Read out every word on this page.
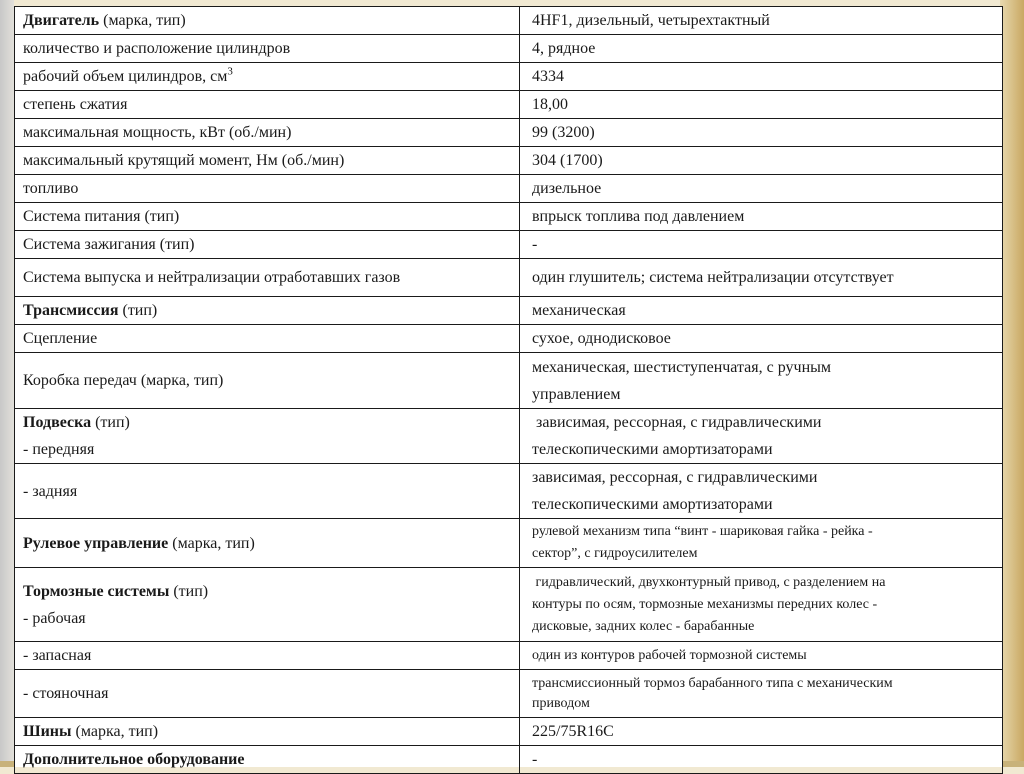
Двигатель (марка, тип)	4HF1, дизельный, четырехтактный
количество и расположение цилиндров	4, рядное
рабочий объем цилиндров, $см^3$	4334
степень сжатия	18,00
максимальная мощность, кВт (об./мин)	99 (3200)
максимальный крутящий момент, Нм (об./мин)	304 (1700)
топливо	дизельное
Система питания (тип)	впрыск топлива под давлением
Система зажигания (тип)	-
Система выпуска и нейтрализации отработавших газов	один глушитель; система нейтрализации отсутствует
Трансмиссия (тип)	механическая
Сцепление	сухое, однодисковое
Коробка передач (марка, тип)	механическая, шестиступенчатая, с ручным
управлением

Подвеска (тип)
- передняя	зависимая, рессорная, с гидравлическими
телескопическими амортизаторами

- задняя	зависимая, рессорная, с гидравлическими
телескопическими амортизаторами

Рулевое управление (марка, тип)	рулевой механизм типа “винт - шариковая гайка - рейка -
сектор”, с гидроусилителем

Тормозные системы (тип)
- рабочая	гидравлический, двухконтурный привод, с разделением на
контуры по осям, тормозные механизмы передних колес -
дисковые, задних колес - барабанные

- запасная	один из контуров рабочей тормозной системы
- стояночная	трансмиссионный тормоз барабанного типа с механическим
приводом

Шины (марка, тип)	225/75R16C
Дополнительное оборудование	-
